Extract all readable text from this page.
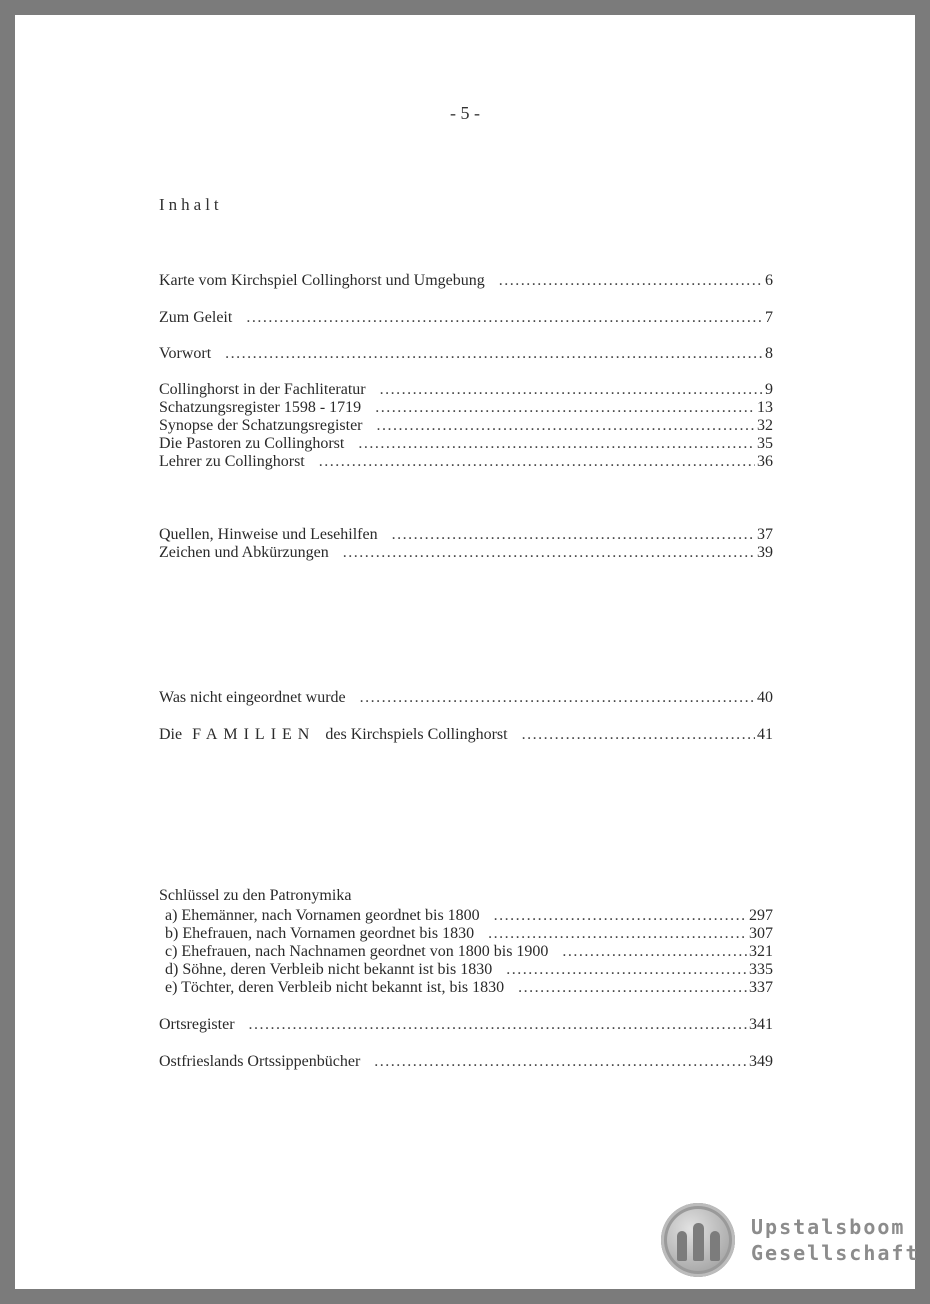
- 5 -
Inhalt
Karte vom Kirchspiel Collinghorst und Umgebung .....	6
Zum Geleit .....	7
Vorwort .....	8
Collinghorst in der Fachliteratur .....	9
Schatzungsregister 1598 - 1719 .....	13
Synopse der Schatzungsregister .....	32
Die Pastoren zu Collinghorst .....	35
Lehrer zu Collinghorst .....	36
Quellen, Hinweise und Lesehilfen .....	37
Zeichen und Abkürzungen .....	39
Was nicht eingeordnet wurde .....	40
Die FAMILIEN des Kirchspiels Collinghorst .....	41
Schlüssel zu den Patronymika
a) Ehemänner, nach Vornamen geordnet bis 1800 .....	297
b) Ehefrauen, nach Vornamen geordnet bis 1830 .....	307
c) Ehefrauen, nach Nachnamen geordnet von 1800 bis 1900 .....	321
d) Söhne, deren Verbleib nicht bekannt ist bis 1830 .....	335
e) Töchter, deren Verbleib nicht bekannt ist, bis 1830 .....	337
Ortsregister .....	341
Ostfrieslands Ortssippenbücher .....	349
Upstalsboom
Gesellschaft
